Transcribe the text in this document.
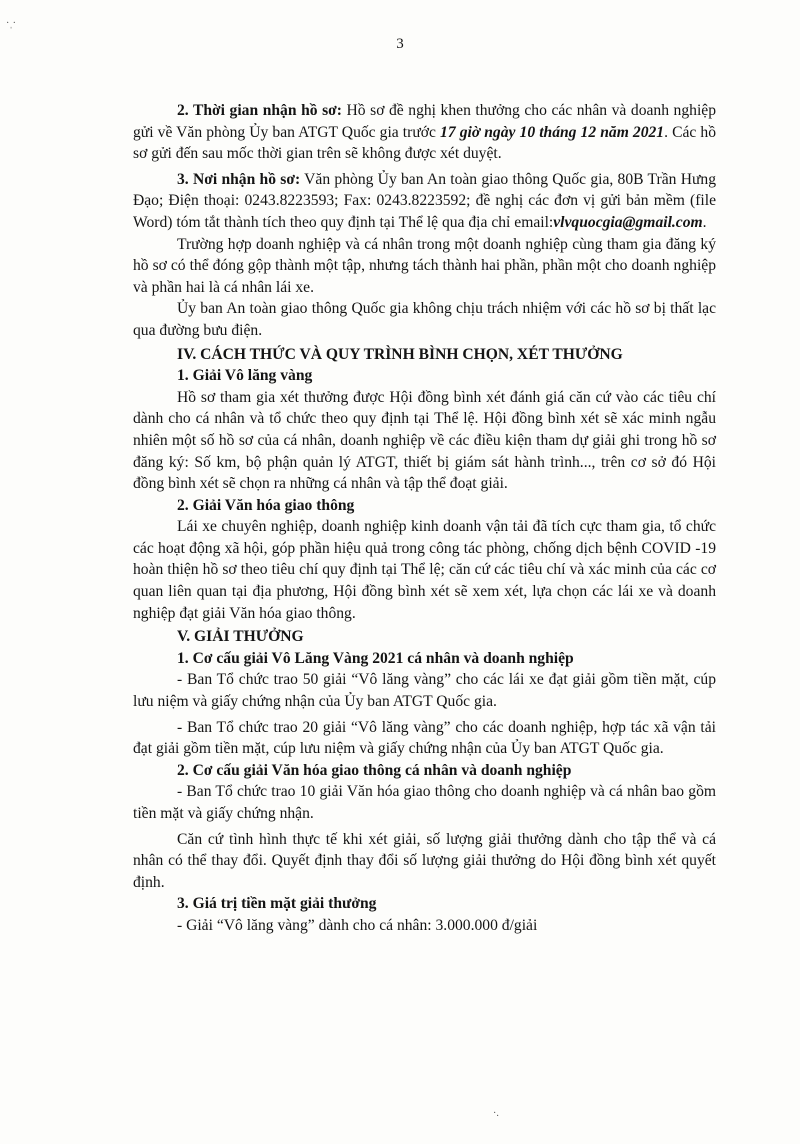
·ˌ·
3

2. Thời gian nhận hồ sơ: Hồ sơ đề nghị khen thưởng cho các nhân và doanh nghiệp gửi về Văn phòng Ủy ban ATGT Quốc gia trước 17 giờ ngày 10 tháng 12 năm 2021. Các hồ sơ gửi đến sau mốc thời gian trên sẽ không được xét duyệt.

3. Nơi nhận hồ sơ: Văn phòng Ủy ban An toàn giao thông Quốc gia, 80B Trần Hưng Đạo; Điện thoại: 0243.8223593; Fax: 0243.8223592; đề nghị các đơn vị gửi bản mềm (file Word) tóm tắt thành tích theo quy định tại Thể lệ qua địa chỉ email:vlvquocgia@gmail.com.

Trường hợp doanh nghiệp và cá nhân trong một doanh nghiệp cùng tham gia đăng ký hồ sơ có thể đóng gộp thành một tập, nhưng tách thành hai phần, phần một cho doanh nghiệp và phần hai là cá nhân lái xe.

Ủy ban An toàn giao thông Quốc gia không chịu trách nhiệm với các hồ sơ bị thất lạc qua đường bưu điện.

IV. CÁCH THỨC VÀ QUY TRÌNH BÌNH CHỌN, XÉT THƯỞNG

1. Giải Vô lăng vàng

Hồ sơ tham gia xét thưởng được Hội đồng bình xét đánh giá căn cứ vào các tiêu chí dành cho cá nhân và tổ chức theo quy định tại Thể lệ. Hội đồng bình xét sẽ xác minh ngẫu nhiên một số hồ sơ của cá nhân, doanh nghiệp về các điều kiện tham dự giải ghi trong hồ sơ đăng ký: Số km, bộ phận quản lý ATGT, thiết bị giám sát hành trình..., trên cơ sở đó Hội đồng bình xét sẽ chọn ra những cá nhân và tập thể đoạt giải.

2. Giải Văn hóa giao thông

Lái xe chuyên nghiệp, doanh nghiệp kinh doanh vận tải đã tích cực tham gia, tổ chức các hoạt động xã hội, góp phần hiệu quả trong công tác phòng, chống dịch bệnh COVID -19 hoàn thiện hồ sơ theo tiêu chí quy định tại Thể lệ; căn cứ các tiêu chí và xác minh của các cơ quan liên quan tại địa phương, Hội đồng bình xét sẽ xem xét, lựa chọn các lái xe và doanh nghiệp đạt giải Văn hóa giao thông.

V. GIẢI THƯỞNG

1. Cơ cấu giải Vô Lăng Vàng 2021 cá nhân và doanh nghiệp

- Ban Tổ chức trao 50 giải “Vô lăng vàng” cho các lái xe đạt giải gồm tiền mặt, cúp lưu niệm và giấy chứng nhận của Ủy ban ATGT Quốc gia.

- Ban Tổ chức trao 20 giải “Vô lăng vàng” cho các doanh nghiệp, hợp tác xã vận tải đạt giải gồm tiền mặt, cúp lưu niệm và giấy chứng nhận của Ủy ban ATGT Quốc gia.

2. Cơ cấu giải Văn hóa giao thông cá nhân và doanh nghiệp

- Ban Tổ chức trao 10 giải Văn hóa giao thông cho doanh nghiệp và cá nhân bao gồm tiền mặt và giấy chứng nhận.

Căn cứ tình hình thực tế khi xét giải, số lượng giải thưởng dành cho tập thể và cá nhân có thể thay đổi. Quyết định thay đổi số lượng giải thưởng do Hội đồng bình xét quyết định.

3. Giá trị tiền mặt giải thưởng

- Giải “Vô lăng vàng” dành cho cá nhân: 3.000.000 đ/giải

·.
